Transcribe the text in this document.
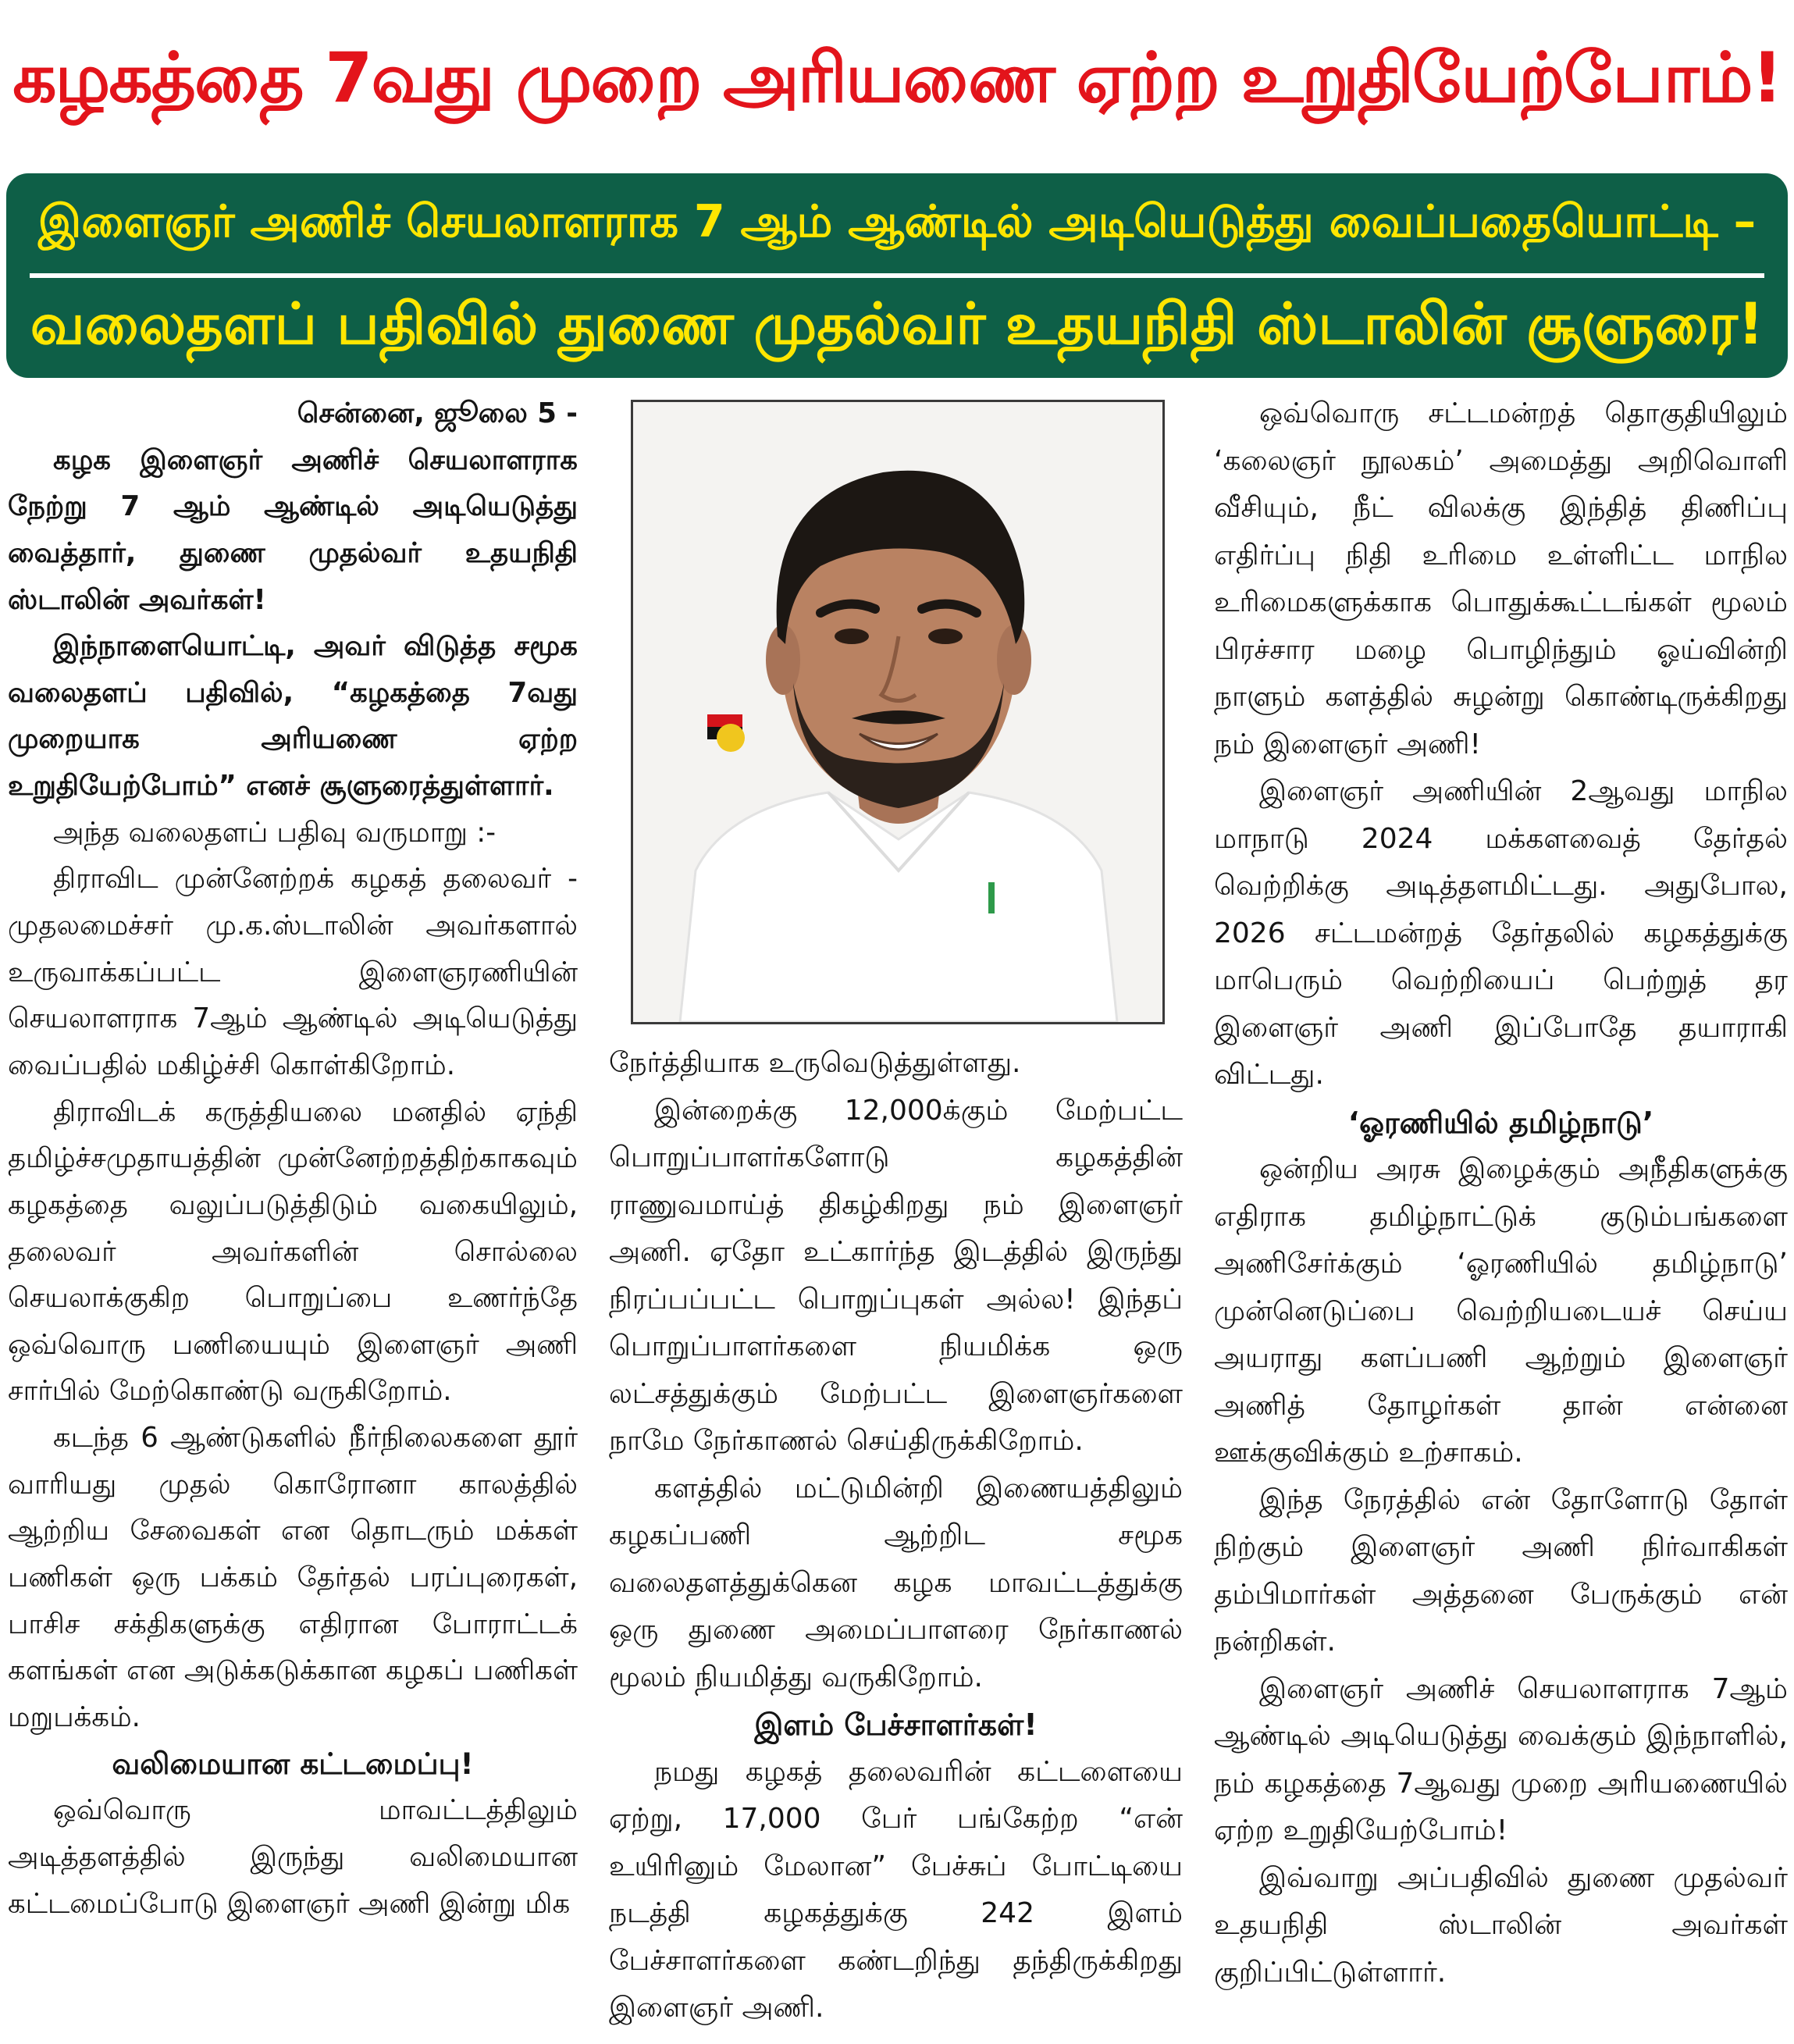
கழகத்தை 7வது முறை அரியணை ஏற்ற உறுதியேற்போம்!
இளைஞர் அணிச் செயலாளராக 7 ஆம் ஆண்டில் அடியெடுத்து வைப்பதையொட்டி –
வலைதளப் பதிவில் துணை முதல்வர் உதயநிதி ஸ்டாலின் சூளுரை!

சென்னை, ஜூலை 5 -

கழக இளைஞர் அணிச் செயலாளராக நேற்று 7 ஆம் ஆண்டில் அடியெடுத்து வைத்தார், துணை முதல்வர் உதயநிதி ஸ்டாலின் அவர்கள்!

இந்நாளையொட்டி, அவர் விடுத்த சமூக வலைதளப் பதிவில், “கழகத்தை 7வது முறையாக அரியணை ஏற்ற உறுதியேற்போம்” எனச் சூளுரைத்துள்ளார்.

அந்த வலைதளப் பதிவு வருமாறு :-

திராவிட முன்னேற்றக் கழகத் தலைவர் - முதலமைச்சர் மு.க.ஸ்டாலின் அவர்களால் உருவாக்கப்பட்ட இளைஞரணியின் செயலாளராக 7ஆம் ஆண்டில் அடியெடுத்து வைப்பதில் மகிழ்ச்சி கொள்கிறோம்.

திராவிடக் கருத்தியலை மனதில் ஏந்தி தமிழ்ச்சமுதாயத்தின் முன்னேற்றத்திற்காகவும் கழகத்தை வலுப்படுத்திடும் வகையிலும், தலைவர் அவர்களின் சொல்லை செயலாக்குகிற பொறுப்பை உணர்ந்தே ஒவ்வொரு பணியையும் இளைஞர் அணி சார்பில் மேற்கொண்டு வருகிறோம்.

கடந்த 6 ஆண்டுகளில் நீர்நிலைகளை தூர் வாரியது முதல் கொரோனா காலத்தில் ஆற்றிய சேவைகள் என தொடரும் மக்கள் பணிகள் ஒரு பக்கம் தேர்தல் பரப்புரைகள், பாசிச சக்திகளுக்கு எதிரான போராட்டக் களங்கள் என அடுக்கடுக்கான கழகப் பணிகள் மறுபக்கம்.

வலிமையான கட்டமைப்பு!

ஒவ்வொரு மாவட்டத்திலும் அடித்தளத்தில் இருந்து வலிமையான கட்டமைப்போடு இளைஞர் அணி இன்று மிக

நேர்த்தியாக உருவெடுத்துள்ளது.

இன்றைக்கு 12,000க்கும் மேற்பட்ட பொறுப்பாளர்களோடு கழகத்தின் ராணுவமாய்த் திகழ்கிறது நம் இளைஞர் அணி. ஏதோ உட்கார்ந்த இடத்தில் இருந்து நிரப்பப்பட்ட பொறுப்புகள் அல்ல! இந்தப் பொறுப்பாளர்களை நியமிக்க ஒரு லட்சத்துக்கும் மேற்பட்ட இளைஞர்களை நாமே நேர்காணல் செய்திருக்கிறோம்.

களத்தில் மட்டுமின்றி இணையத்திலும் கழகப்பணி ஆற்றிட சமூக வலைதளத்துக்கென கழக மாவட்டத்துக்கு ஒரு துணை அமைப்பாளரை நேர்காணல் மூலம் நியமித்து வருகிறோம்.

இளம் பேச்சாளர்கள்!

நமது கழகத் தலைவரின் கட்டளையை ஏற்று, 17,000 பேர் பங்கேற்ற “என் உயிரினும் மேலான” பேச்சுப் போட்டியை நடத்தி கழகத்துக்கு 242 இளம் பேச்சாளர்களை கண்டறிந்து தந்திருக்கிறது இளைஞர் அணி.

ஒவ்வொரு சட்டமன்றத் தொகுதியிலும் ‘கலைஞர் நூலகம்’ அமைத்து அறிவொளி வீசியும், நீட் விலக்கு இந்தித் திணிப்பு எதிர்ப்பு நிதி உரிமை உள்ளிட்ட மாநில உரிமைகளுக்காக பொதுக்கூட்டங்கள் மூலம் பிரச்சார மழை பொழிந்தும் ஓய்வின்றி நாளும் களத்தில் சுழன்று கொண்டிருக்கிறது நம் இளைஞர் அணி!

இளைஞர் அணியின் 2ஆவது மாநில மாநாடு 2024 மக்களவைத் தேர்தல் வெற்றிக்கு அடித்தளமிட்டது. அதுபோல, 2026 சட்டமன்றத் தேர்தலில் கழகத்துக்கு மாபெரும் வெற்றியைப் பெற்றுத் தர இளைஞர் அணி இப்போதே தயாராகி விட்டது.

‘ஓரணியில் தமிழ்நாடு’

ஒன்றிய அரசு இழைக்கும் அநீதிகளுக்கு எதிராக தமிழ்நாட்டுக் குடும்பங்களை அணிசேர்க்கும் ‘ஓரணியில் தமிழ்நாடு’ முன்னெடுப்பை வெற்றியடையச் செய்ய அயராது களப்பணி ஆற்றும் இளைஞர் அணித் தோழர்கள் தான் என்னை ஊக்குவிக்கும் உற்சாகம்.

இந்த நேரத்தில் என் தோளோடு தோள் நிற்கும் இளைஞர் அணி நிர்வாகிகள் தம்பிமார்கள் அத்தனை பேருக்கும் என் நன்றிகள்.

இளைஞர் அணிச் செயலாளராக 7ஆம் ஆண்டில் அடியெடுத்து வைக்கும் இந்நாளில், நம் கழகத்தை 7ஆவது முறை அரியணையில் ஏற்ற உறுதியேற்போம்!

இவ்வாறு அப்பதிவில் துணை முதல்வர் உதயநிதி ஸ்டாலின் அவர்கள் குறிப்பிட்டுள்ளார்.
